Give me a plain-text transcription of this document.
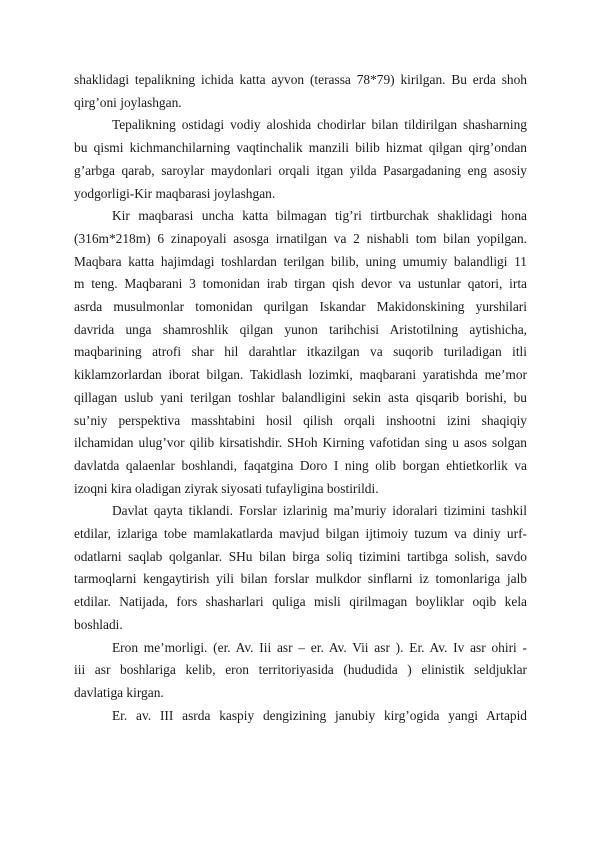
shaklidagi tepalikning ichida katta ayvon (terassa 78*79) kirilgan. Bu erda shoh
qirg’oni joylashgan.
Tepalikning ostidagi vodiy aloshida chodirlar bilan tildirilgan shasharning
bu qismi kichmanchilarning vaqtinchalik manzili bilib hizmat qilgan qirg’ondan
g’arbga qarab, saroylar maydonlari orqali itgan yilda Pasargadaning eng asosiy
yodgorligi-Kir maqbarasi joylashgan.
Kir maqbarasi uncha katta bilmagan tig’ri tirtburchak shaklidagi hona
(316m*218m) 6 zinapoyali asosga irnatilgan va 2 nishabli tom bilan yopilgan.
Maqbara katta hajimdagi toshlardan terilgan bilib, uning umumiy balandligi 11
m teng. Maqbarani 3 tomonidan irab tirgan qish devor va ustunlar qatori, irta
asrda musulmonlar tomonidan qurilgan Iskandar Makidonskining yurshilari
davrida unga shamroshlik qilgan yunon tarihchisi Aristotilning aytishicha,
maqbarining atrofi shar hil darahtlar itkazilgan va suqorib turiladigan itli
kiklamzorlardan iborat bilgan. Takidlash lozimki, maqbarani yaratishda me’mor
qillagan uslub yani terilgan toshlar balandligini sekin asta qisqarib borishi, bu
su’niy perspektiva masshtabini hosil qilish orqali inshootni izini shaqiqiy
ilchamidan ulug’vor qilib kirsatishdir. SHoh Kirning vafotidan sing u asos solgan
davlatda qalaenlar boshlandi, faqatgina Doro I ning olib borgan ehtietkorlik va
izoqni kira oladigan ziyrak siyosati tufayligina bostirildi.
Davlat qayta tiklandi. Forslar izlarinig ma’muriy idoralari tizimini tashkil
etdilar, izlariga tobe mamlakatlarda mavjud bilgan ijtimoiy tuzum va diniy urf-
odatlarni saqlab qolganlar. SHu bilan birga soliq tizimini tartibga solish, savdo
tarmoqlarni kengaytirish yili bilan forslar mulkdor sinflarni iz tomonlariga jalb
etdilar. Natijada, fors shasharlari quliga misli qirilmagan boyliklar oqib kela
boshladi.
Eron me’morligi. (er. Av. Iii asr – er. Av. Vii asr ). Er. Av. Iv asr ohiri -
iii asr boshlariga kelib, eron territoriyasida (hududida ) elinistik seldjuklar
davlatiga kirgan.
Er. av. III asrda kaspiy dengizining janubiy kirg’ogida yangi Artapid
